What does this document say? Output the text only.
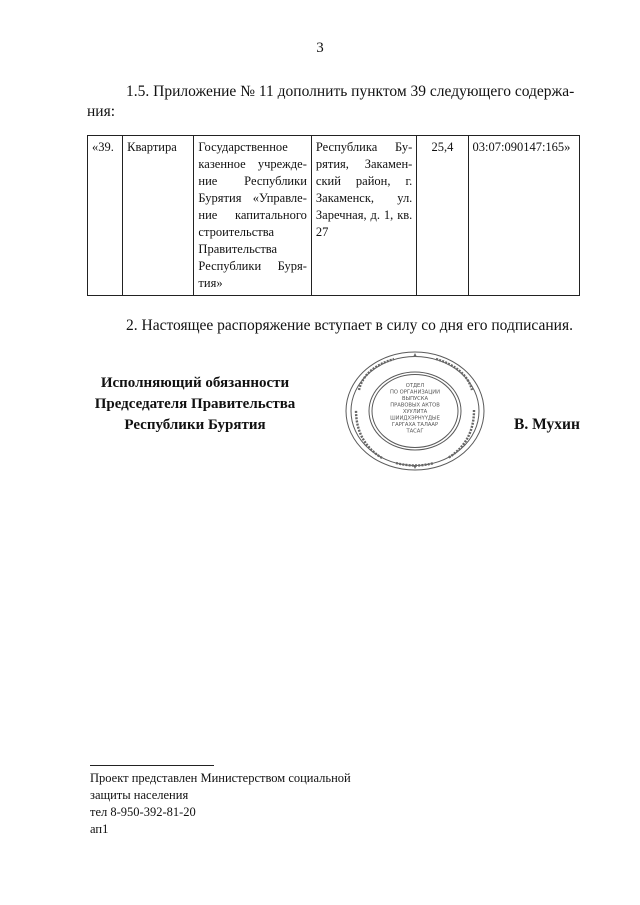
3
1.5. Приложение № 11 дополнить пунктом 39 следующего содержа-
ния:
«39.	Квартира	Государственное казенное учрежде-ние Республики Бурятия «Управле-ние капитального строительства Правительства Республики Буря-тия»	Республика Бу-рятия, Закамен-ский район, г. Закаменск, ул. Заречная, д. 1, кв. 27	25,4	03:07:090147:165»
2. Настоящее распоряжение вступает в силу со дня его подписания.
Исполняющий обязанности
Председателя Правительства
Республики Бурятия
ОТДЕЛ
ПО ОРГАНИЗАЦИИ
ВЫПУСКА
ПРАВОВЫХ АКТОВ
ХУУЛИТА
ШИИДХЭРНҮҮДЫЕ
ГАРГАХА ТАЛААР
ТАСАГ	В. Мухин
Проект представлен Министерством социальной
защиты населения
тел 8-950-392-81-20
ап1
